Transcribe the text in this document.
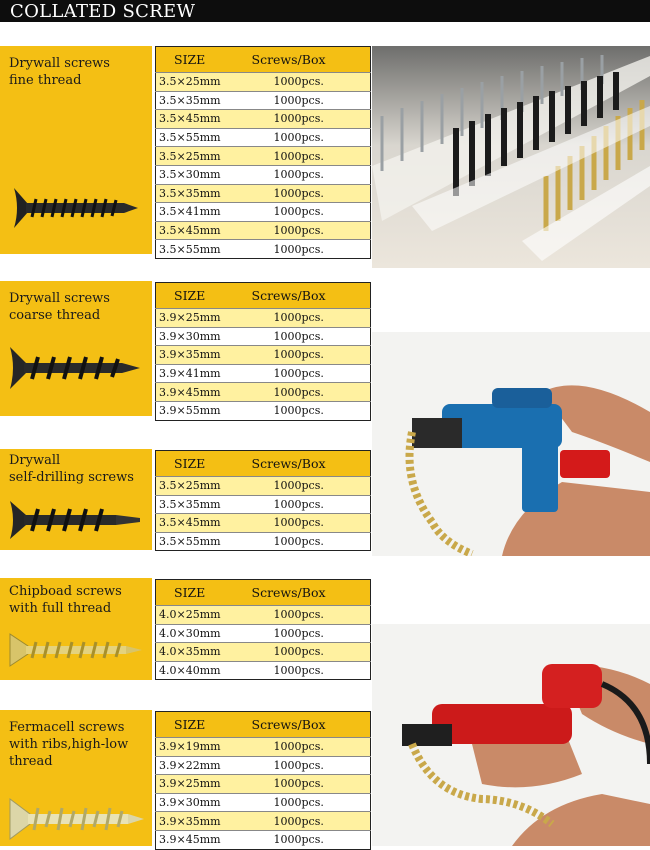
COLLATED SCREW
Drywall screws
fine thread
SIZE	Screws/Box
3.5×25mm	1000pcs.
3.5×35mm	1000pcs.
3.5×45mm	1000pcs.
3.5×55mm	1000pcs.
3.5×25mm	1000pcs.
3.5×30mm	1000pcs.
3.5×35mm	1000pcs.
3.5×41mm	1000pcs.
3.5×45mm	1000pcs.
3.5×55mm	1000pcs.
Drywall screws
coarse thread
SIZE	Screws/Box
3.9×25mm	1000pcs.
3.9×30mm	1000pcs.
3.9×35mm	1000pcs.
3.9×41mm	1000pcs.
3.9×45mm	1000pcs.
3.9×55mm	1000pcs.
Drywall
self-drilling screws
SIZE	Screws/Box
3.5×25mm	1000pcs.
3.5×35mm	1000pcs.
3.5×45mm	1000pcs.
3.5×55mm	1000pcs.
Chipboad screws
with full thread
SIZE	Screws/Box
4.0×25mm	1000pcs.
4.0×30mm	1000pcs.
4.0×35mm	1000pcs.
4.0×40mm	1000pcs.
Fermacell screws
with ribs,high-low
thread
SIZE	Screws/Box
3.9×19mm	1000pcs.
3.9×22mm	1000pcs.
3.9×25mm	1000pcs.
3.9×30mm	1000pcs.
3.9×35mm	1000pcs.
3.9×45mm	1000pcs.
